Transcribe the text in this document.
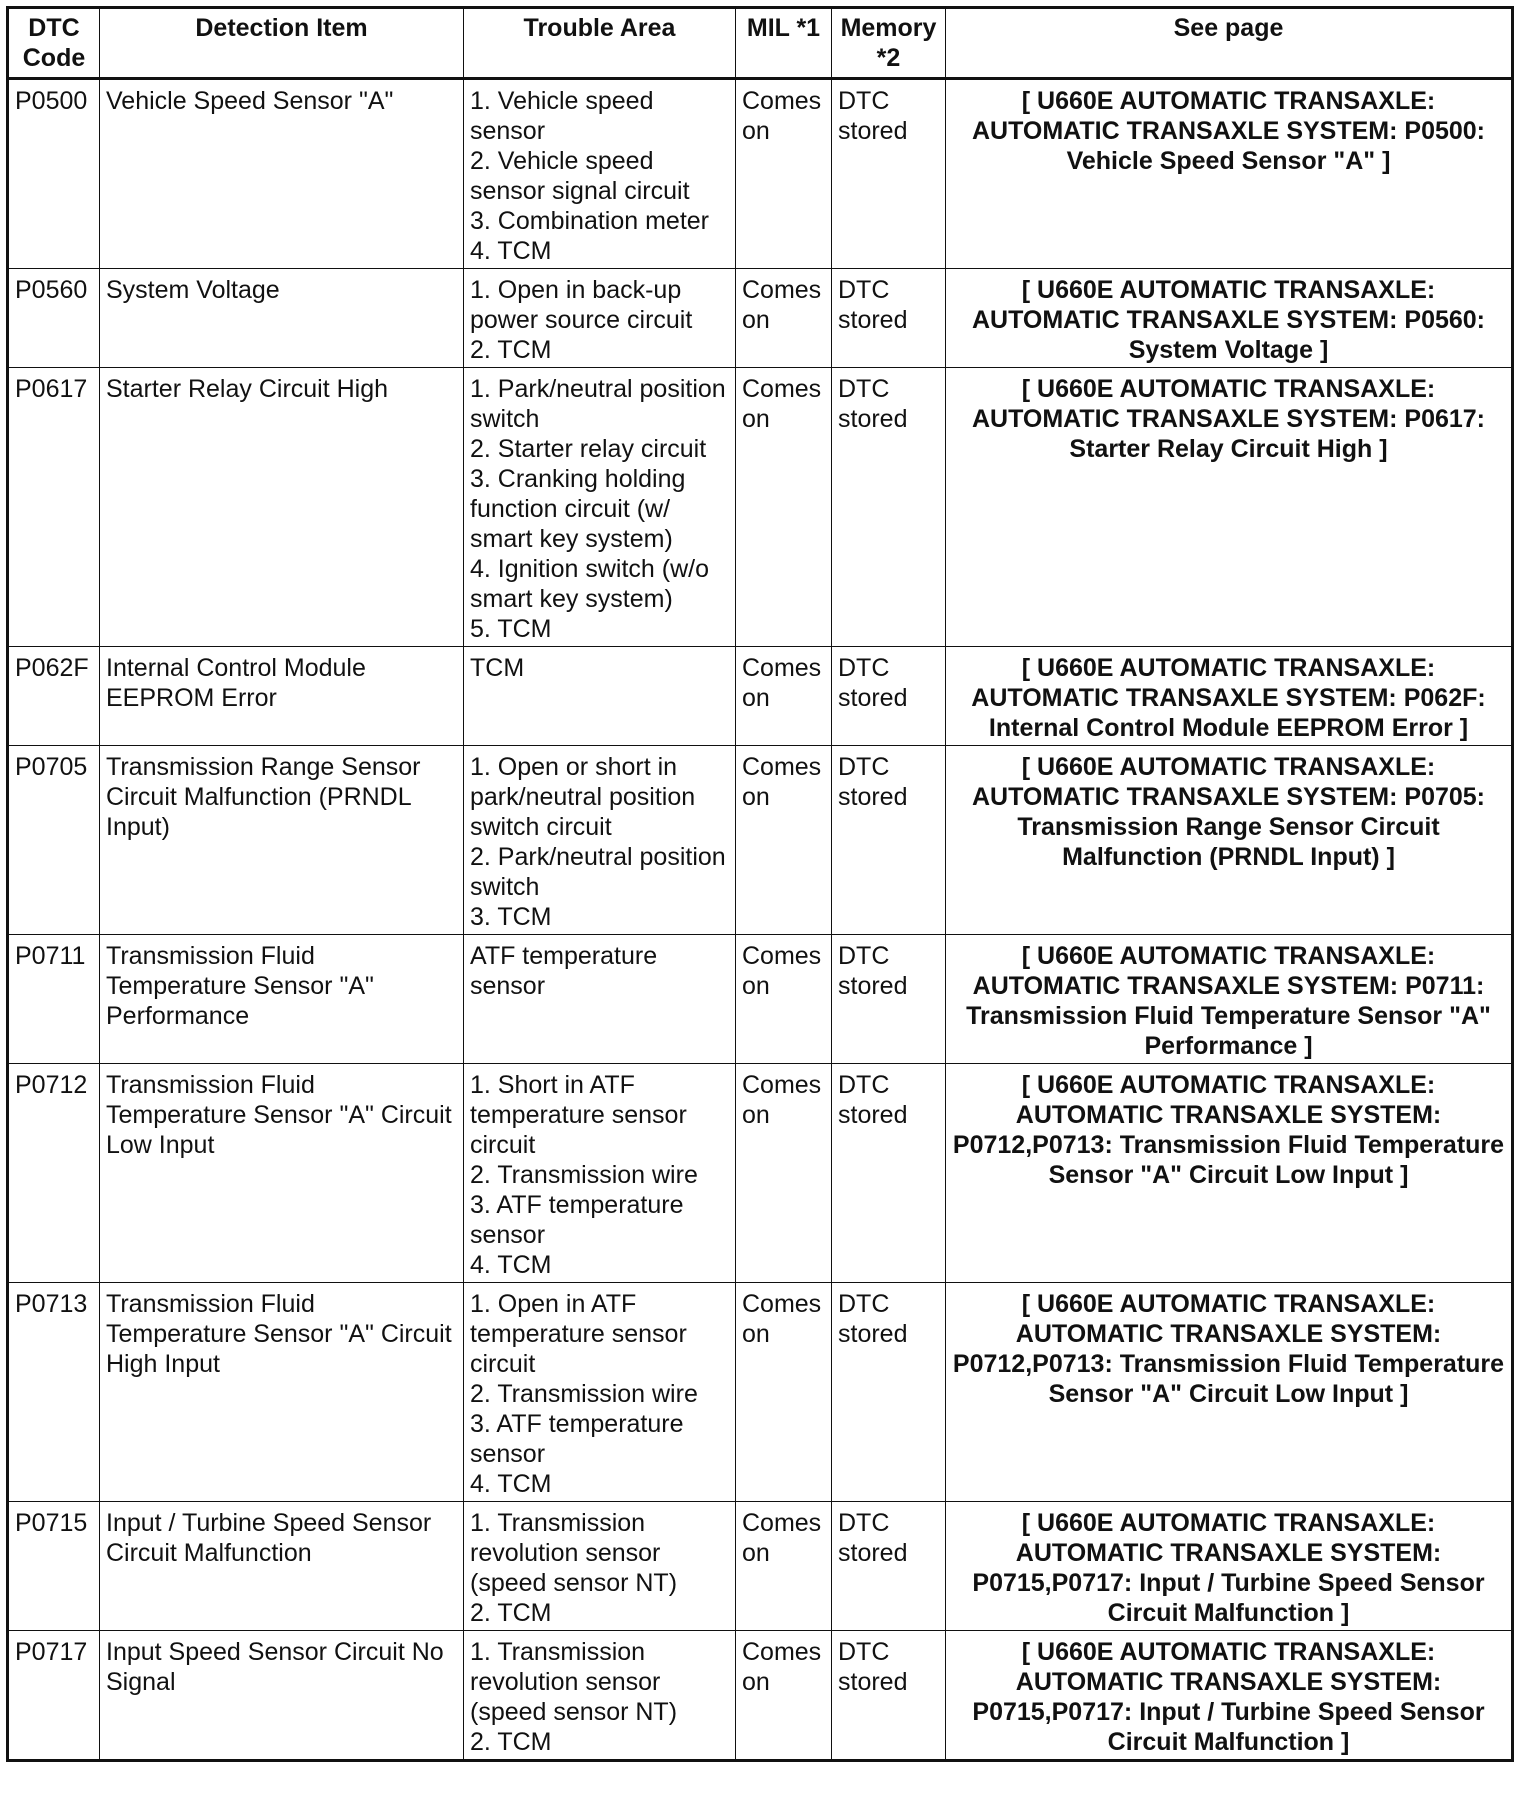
DTC Code	Detection Item	Trouble Area	MIL *1	Memory *2	See page
P0500	Vehicle Speed Sensor "A"	1. Vehicle speed sensor
2. Vehicle speed sensor signal circuit
3. Combination meter
4. TCM	Comes on	DTC stored	[ U660E AUTOMATIC TRANSAXLE: AUTOMATIC TRANSAXLE SYSTEM: P0500: Vehicle Speed Sensor "A" ]
P0560	System Voltage	1. Open in back-up power source circuit
2. TCM	Comes on	DTC stored	[ U660E AUTOMATIC TRANSAXLE: AUTOMATIC TRANSAXLE SYSTEM: P0560: System Voltage ]
P0617	Starter Relay Circuit High	1. Park/neutral position switch
2. Starter relay circuit
3. Cranking holding function circuit (w/ smart key system)
4. Ignition switch (w/o smart key system)
5. TCM	Comes on	DTC stored	[ U660E AUTOMATIC TRANSAXLE: AUTOMATIC TRANSAXLE SYSTEM: P0617: Starter Relay Circuit High ]
P062F	Internal Control Module EEPROM Error	TCM	Comes on	DTC stored	[ U660E AUTOMATIC TRANSAXLE: AUTOMATIC TRANSAXLE SYSTEM: P062F: Internal Control Module EEPROM Error ]
P0705	Transmission Range Sensor Circuit Malfunction (PRNDL Input)	1. Open or short in park/neutral position switch circuit
2. Park/neutral position switch
3. TCM	Comes on	DTC stored	[ U660E AUTOMATIC TRANSAXLE: AUTOMATIC TRANSAXLE SYSTEM: P0705: Transmission Range Sensor Circuit Malfunction (PRNDL Input) ]
P0711	Transmission Fluid Temperature Sensor "A" Performance	ATF temperature sensor	Comes on	DTC stored	[ U660E AUTOMATIC TRANSAXLE: AUTOMATIC TRANSAXLE SYSTEM: P0711: Transmission Fluid Temperature Sensor "A" Performance ]
P0712	Transmission Fluid Temperature Sensor "A" Circuit Low Input	1. Short in ATF temperature sensor circuit
2. Transmission wire
3. ATF temperature sensor
4. TCM	Comes on	DTC stored	[ U660E AUTOMATIC TRANSAXLE: AUTOMATIC TRANSAXLE SYSTEM: P0712,P0713: Transmission Fluid Temperature Sensor "A" Circuit Low Input ]
P0713	Transmission Fluid Temperature Sensor "A" Circuit High Input	1. Open in ATF temperature sensor circuit
2. Transmission wire
3. ATF temperature sensor
4. TCM	Comes on	DTC stored	[ U660E AUTOMATIC TRANSAXLE: AUTOMATIC TRANSAXLE SYSTEM: P0712,P0713: Transmission Fluid Temperature Sensor "A" Circuit Low Input ]
P0715	Input / Turbine Speed Sensor Circuit Malfunction	1. Transmission revolution sensor (speed sensor NT)
2. TCM	Comes on	DTC stored	[ U660E AUTOMATIC TRANSAXLE: AUTOMATIC TRANSAXLE SYSTEM: P0715,P0717: Input / Turbine Speed Sensor Circuit Malfunction ]
P0717	Input Speed Sensor Circuit No Signal	1. Transmission revolution sensor (speed sensor NT)
2. TCM	Comes on	DTC stored	[ U660E AUTOMATIC TRANSAXLE: AUTOMATIC TRANSAXLE SYSTEM: P0715,P0717: Input / Turbine Speed Sensor Circuit Malfunction ]
